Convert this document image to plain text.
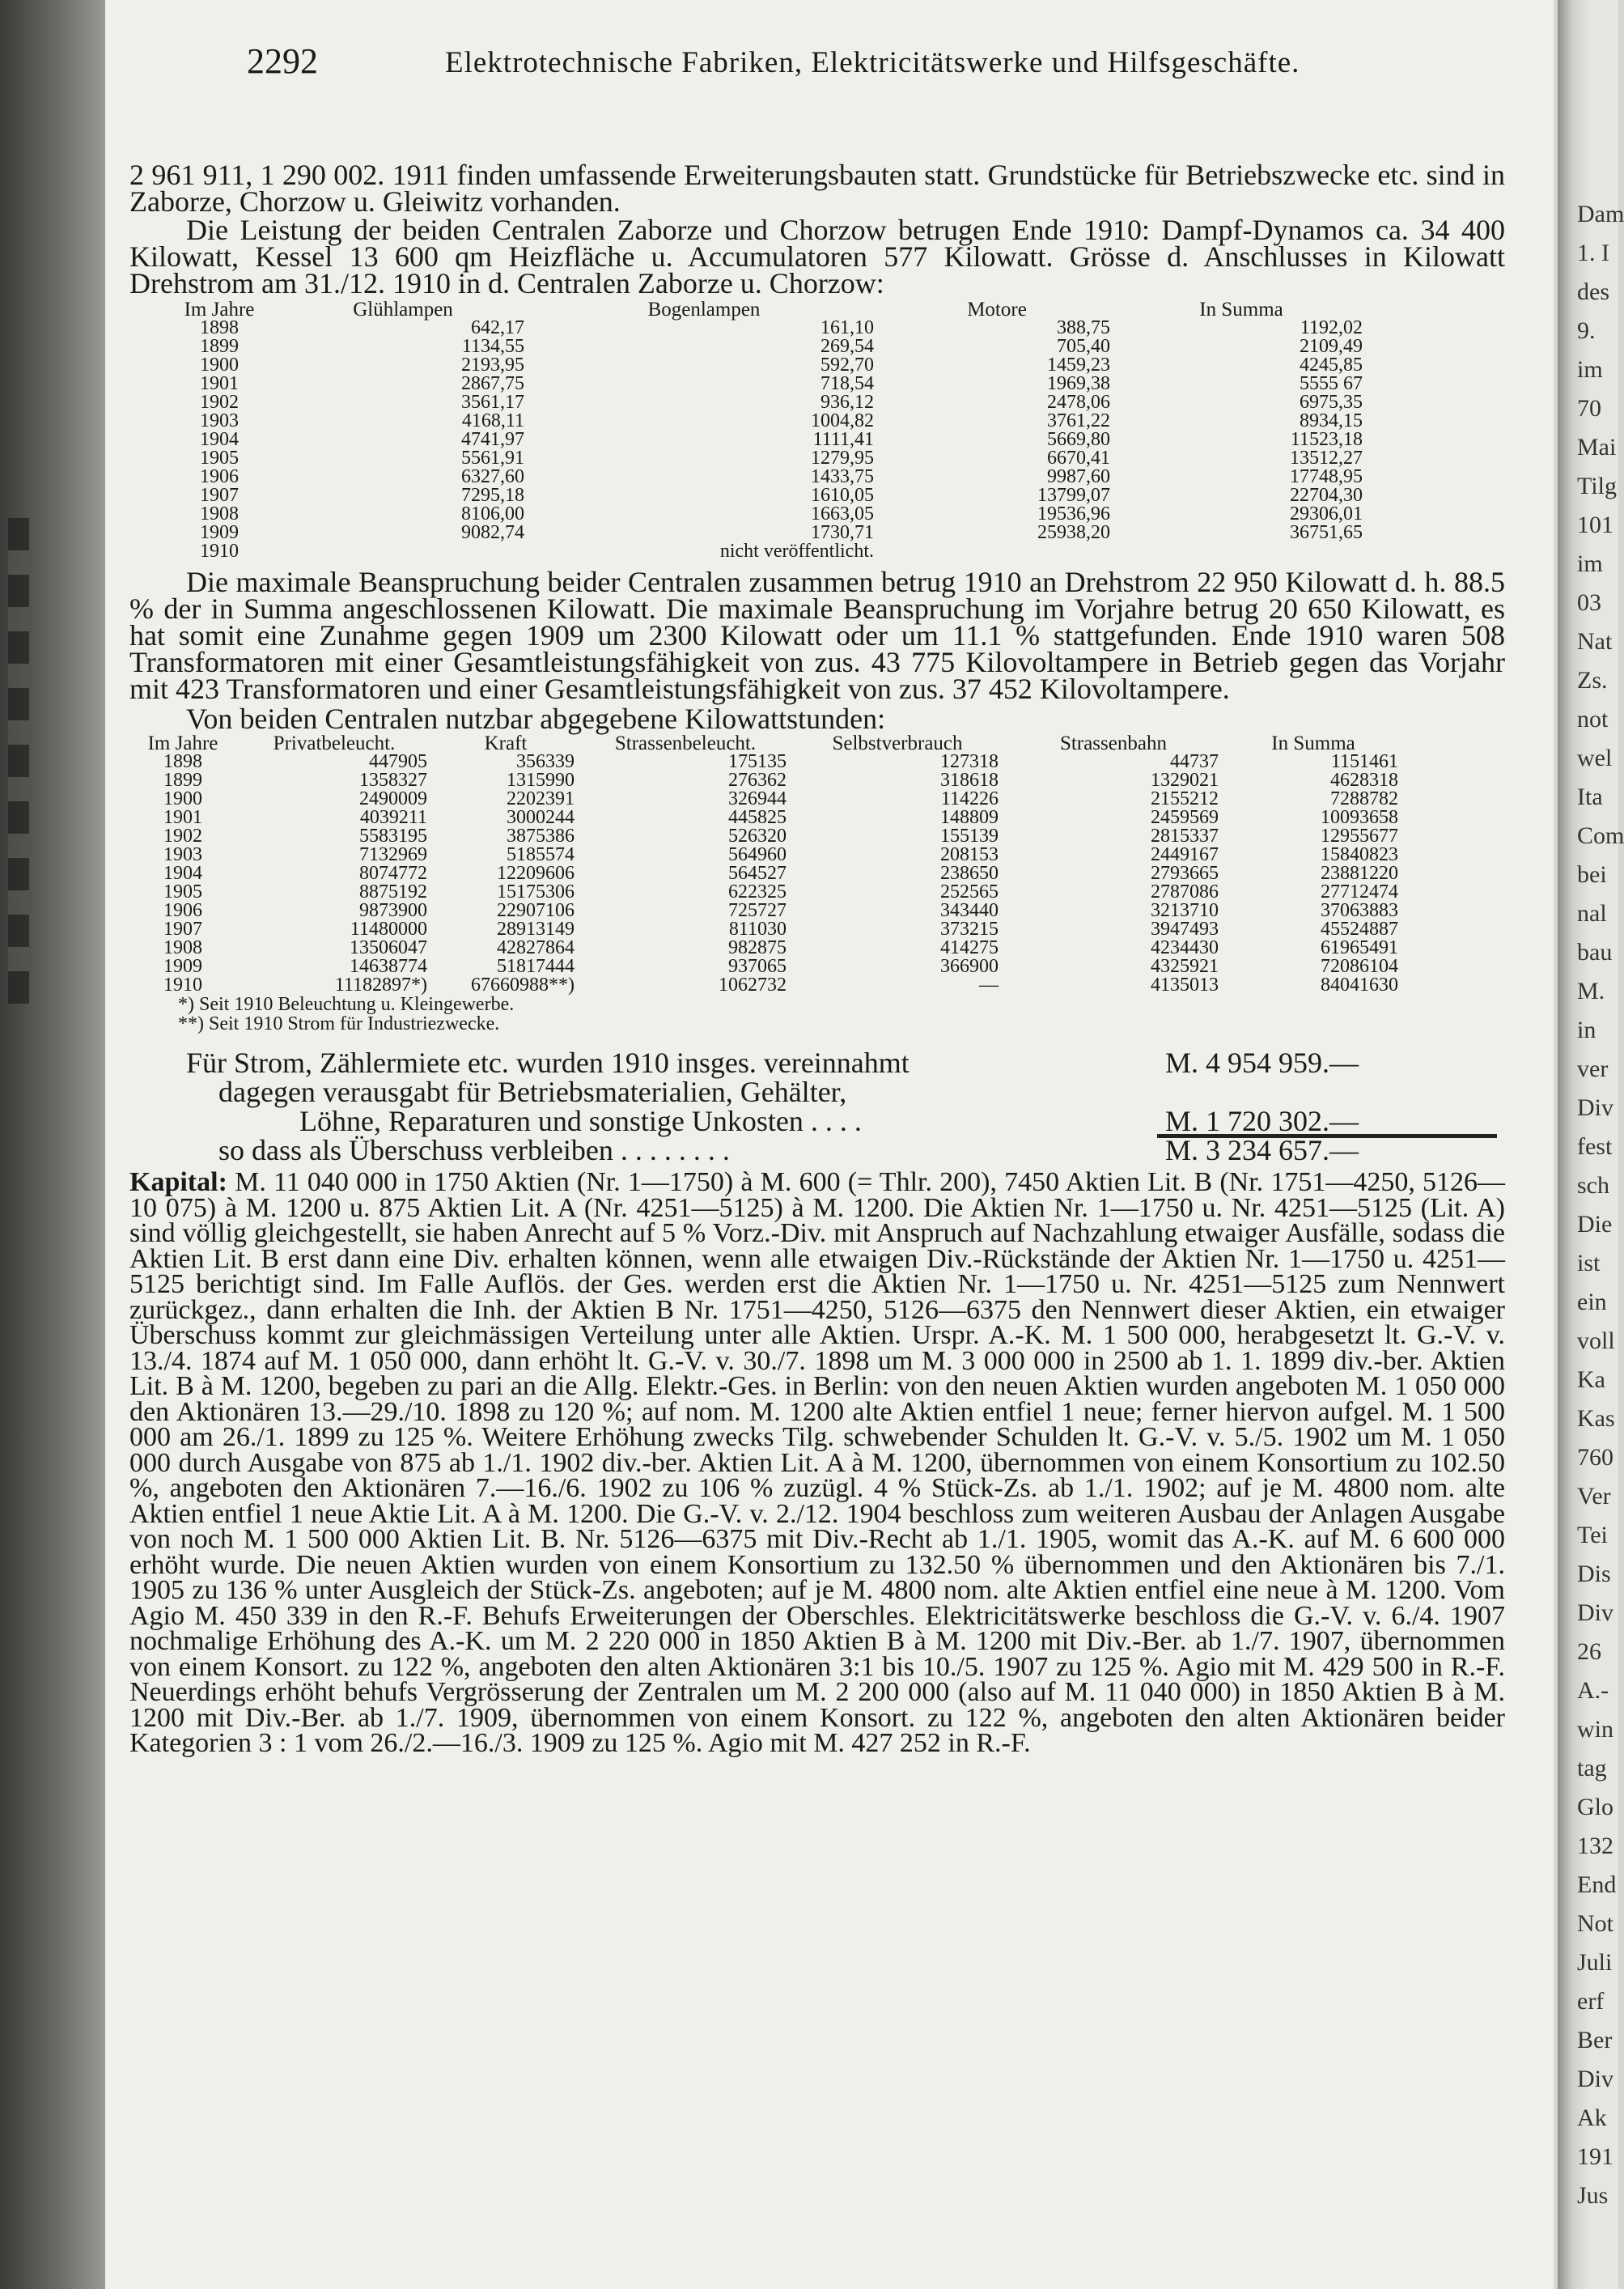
Dam
1. I
des
9.
im
70
Mai
Tilg
101
im
03
Nat
Zs.
not
wel
Ita
Com
bei
nal
bau
M.
in
ver
Div
fest
sch
Die
ist
ein
voll
Ka
Kas
760
Ver
Tei
Dis
Div
26
A.-
win
tag
Glo
132
End
Not
Juli
erf
Ber
Div
Ak
191
Jus
2292	Elektrotechnische Fabriken, Elektricitätswerke und Hilfsgeschäfte.

2 961 911, 1 290 002. 1911 finden umfassende Erweiterungsbauten statt. Grundstücke für Betriebszwecke etc. sind in Zaborze, Chorzow u. Gleiwitz vorhanden.

Die Leistung der beiden Centralen Zaborze und Chorzow betrugen Ende 1910: Dampf-Dynamos ca. 34 400 Kilowatt, Kessel 13 600 qm Heizfläche u. Accumulatoren 577 Kilowatt. Grösse d. Anschlusses in Kilowatt Drehstrom am 31./12. 1910 in d. Centralen Zaborze u. Chorzow:

Im Jahre	Glühlampen	Bogenlampen	Motore	In Summa
1898	642,17	161,10	388,75	1192,02
1899	1134,55	269,54	705,40	2109,49
1900	2193,95	592,70	1459,23	4245,85
1901	2867,75	718,54	1969,38	5555 67
1902	3561,17	936,12	2478,06	6975,35
1903	4168,11	1004,82	3761,22	8934,15
1904	4741,97	1111,41	5669,80	11523,18
1905	5561,91	1279,95	6670,41	13512,27
1906	6327,60	1433,75	9987,60	17748,95
1907	7295,18	1610,05	13799,07	22704,30
1908	8106,00	1663,05	19536,96	29306,01
1909	9082,74	1730,71	25938,20	36751,65
1910		nicht veröffentlicht.		

Die maximale Beanspruchung beider Centralen zusammen betrug 1910 an Drehstrom 22 950 Kilowatt d. h. 88.5 % der in Summa angeschlossenen Kilowatt. Die maximale Beanspruchung im Vorjahre betrug 20 650 Kilowatt, es hat somit eine Zunahme gegen 1909 um 2300 Kilowatt oder um 11.1 % stattgefunden. Ende 1910 waren 508 Transformatoren mit einer Gesamtleistungsfähigkeit von zus. 43 775 Kilovoltampere in Betrieb gegen das Vorjahr mit 423 Transformatoren und einer Gesamtleistungsfähigkeit von zus. 37 452 Kilovoltampere.

Von beiden Centralen nutzbar abgegebene Kilowattstunden:

Im Jahre	Privatbeleucht.	Kraft	Strassenbeleucht.	Selbstverbrauch	Strassenbahn	In Summa
1898	447905	356339	175135	127318	44737	1151461
1899	1358327	1315990	276362	318618	1329021	4628318
1900	2490009	2202391	326944	114226	2155212	7288782
1901	4039211	3000244	445825	148809	2459569	10093658
1902	5583195	3875386	526320	155139	2815337	12955677
1903	7132969	5185574	564960	208153	2449167	15840823
1904	8074772	12209606	564527	238650	2793665	23881220
1905	8875192	15175306	622325	252565	2787086	27712474
1906	9873900	22907106	725727	343440	3213710	37063883
1907	11480000	28913149	811030	373215	3947493	45524887
1908	13506047	42827864	982875	414275	4234430	61965491
1909	14638774	51817444	937065	366900	4325921	72086104
1910	11182897*)	67660988**)	1062732	—	4135013	84041630
*) Seit 1910 Beleuchtung u. Kleingewerbe.
**) Seit 1910 Strom für Industriezwecke.
Für Strom, Zählermiete etc. wurden 1910 insges. vereinnahmt	M. 4 954 959.—
dagegen verausgabt für Betriebsmaterialien, Gehälter,
Löhne, Reparaturen und sonstige Unkosten . . . .	M. 1 720 302.—
so dass als Überschuss verbleiben . . . . . . . .	M. 3 234 657.—
Kapital: M. 11 040 000 in 1750 Aktien (Nr. 1—1750) à M. 600 (= Thlr. 200), 7450 Aktien Lit. B (Nr. 1751—4250, 5126—10 075) à M. 1200 u. 875 Aktien Lit. A (Nr. 4251—5125) à M. 1200. Die Aktien Nr. 1—1750 u. Nr. 4251—5125 (Lit. A) sind völlig gleichgestellt, sie haben Anrecht auf 5 % Vorz.-Div. mit Anspruch auf Nachzahlung etwaiger Ausfälle, sodass die Aktien Lit. B erst dann eine Div. erhalten können, wenn alle etwaigen Div.-Rückstände der Aktien Nr. 1—1750 u. 4251—5125 berichtigt sind. Im Falle Auflös. der Ges. werden erst die Aktien Nr. 1—1750 u. Nr. 4251—5125 zum Nennwert zurückgez., dann erhalten die Inh. der Aktien B Nr. 1751—4250, 5126—6375 den Nennwert dieser Aktien, ein etwaiger Überschuss kommt zur gleichmässigen Verteilung unter alle Aktien. Urspr. A.-K. M. 1 500 000, herabgesetzt lt. G.-V. v. 13./4. 1874 auf M. 1 050 000, dann erhöht lt. G.-V. v. 30./7. 1898 um M. 3 000 000 in 2500 ab 1. 1. 1899 div.-ber. Aktien Lit. B à M. 1200, begeben zu pari an die Allg. Elektr.-Ges. in Berlin: von den neuen Aktien wurden angeboten M. 1 050 000 den Aktionären 13.—29./10. 1898 zu 120 %; auf nom. M. 1200 alte Aktien entfiel 1 neue; ferner hiervon aufgel. M. 1 500 000 am 26./1. 1899 zu 125 %. Weitere Erhöhung zwecks Tilg. schwebender Schulden lt. G.-V. v. 5./5. 1902 um M. 1 050 000 durch Ausgabe von 875 ab 1./1. 1902 div.-ber. Aktien Lit. A à M. 1200, übernommen von einem Konsortium zu 102.50 %, angeboten den Aktionären 7.—16./6. 1902 zu 106 % zuzügl. 4 % Stück-Zs. ab 1./1. 1902; auf je M. 4800 nom. alte Aktien entfiel 1 neue Aktie Lit. A à M. 1200. Die G.-V. v. 2./12. 1904 beschloss zum weiteren Ausbau der Anlagen Ausgabe von noch M. 1 500 000 Aktien Lit. B. Nr. 5126—6375 mit Div.-Recht ab 1./1. 1905, womit das A.-K. auf M. 6 600 000 erhöht wurde. Die neuen Aktien wurden von einem Konsortium zu 132.50 % übernommen und den Aktionären bis 7./1. 1905 zu 136 % unter Ausgleich der Stück-Zs. angeboten; auf je M. 4800 nom. alte Aktien entfiel eine neue à M. 1200. Vom Agio M. 450 339 in den R.-F. Behufs Erweiterungen der Oberschles. Elektricitätswerke beschloss die G.-V. v. 6./4. 1907 nochmalige Erhöhung des A.-K. um M. 2 220 000 in 1850 Aktien B à M. 1200 mit Div.-Ber. ab 1./7. 1907, übernommen von einem Konsort. zu 122 %, angeboten den alten Aktionären 3:1 bis 10./5. 1907 zu 125 %. Agio mit M. 429 500 in R.-F. Neuerdings erhöht behufs Vergrösserung der Zentralen um M. 2 200 000 (also auf M. 11 040 000) in 1850 Aktien B à M. 1200 mit Div.-Ber. ab 1./7. 1909, übernommen von einem Konsort. zu 122 %, angeboten den alten Aktionären beider Kategorien 3 : 1 vom 26./2.—16./3. 1909 zu 125 %. Agio mit M. 427 252 in R.-F.
